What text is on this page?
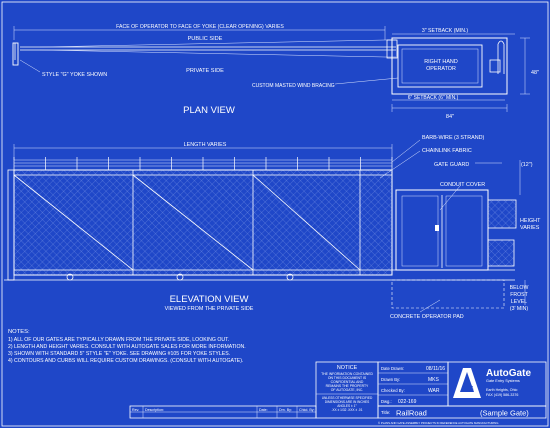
FACE OF OPERATOR TO FACE OF YOKE (CLEAR OPENING) VARIES
3" SETBACK (MIN.)
PUBLIC SIDE
PRIVATE SIDE
STYLE "G" YOKE SHOWN
RIGHT HAND
OPERATOR
CUSTOM MASTED WIND BRACING
48"
6" SETBACK (6" MIN.)
84"
PLAN VIEW
LENGTH VARIES
BARB-WIRE (3 STRAND)
CHAINLINK FABRIC
GATE GUARD	(12")
CONDUIT COVER
HEIGHT
VARIES
CONCRETE OPERATOR PAD
BELOW
FROST
LEVEL
(3' MIN)
ELEVATION VIEW
VIEWED FROM THE PRIVATE SIDE
NOTES:
1) ALL OF OUR GATES ARE TYPICALLY DRAWN FROM THE PRIVATE SIDE, LOOKING OUT.
2) LENGTH AND HEIGHT VARIES. CONSULT WITH AUTOGATE SALES FOR MORE INFORMATION.
3) SHOWN WITH STANDARD 5" STYLE "E" YOKE. SEE DRAWING #105 FOR YOKE STYLES.
4) CONTOURS AND CURBS WILL REQUIRE CUSTOM DRAWINGS. (CONSULT WITH AUTOGATE).
Rev. Description:	Date:	Drn. By: Chkd. By:
NOTICE
THE INFORMATION CONTAINED
ON THIS DOCUMENT IS
CONFIDENTIAL AND
REMAINS THE PROPERTY
OF AUTOGATE, INC.
UNLESS OTHERWISE SPECIFIED
DIMENSIONS ARE IN INCHES
ANGLES ± 1°
.XX ± 1/32 .XXX ± .01
Date Drawn:	08/11/16
Drawn By:	MKS
Checked By:	WAR
Dwg.: 022-169
AG
AutoGate
Gate Entry Systems
Earth Heights, Ohio
FAX (419) 586-3376
Title: RailRoad	(Sample Gate)
© PLANS AND GATE ASSEMBLY PROJECTS IN REFERENCE AUTOGATE MANUFACTURING
